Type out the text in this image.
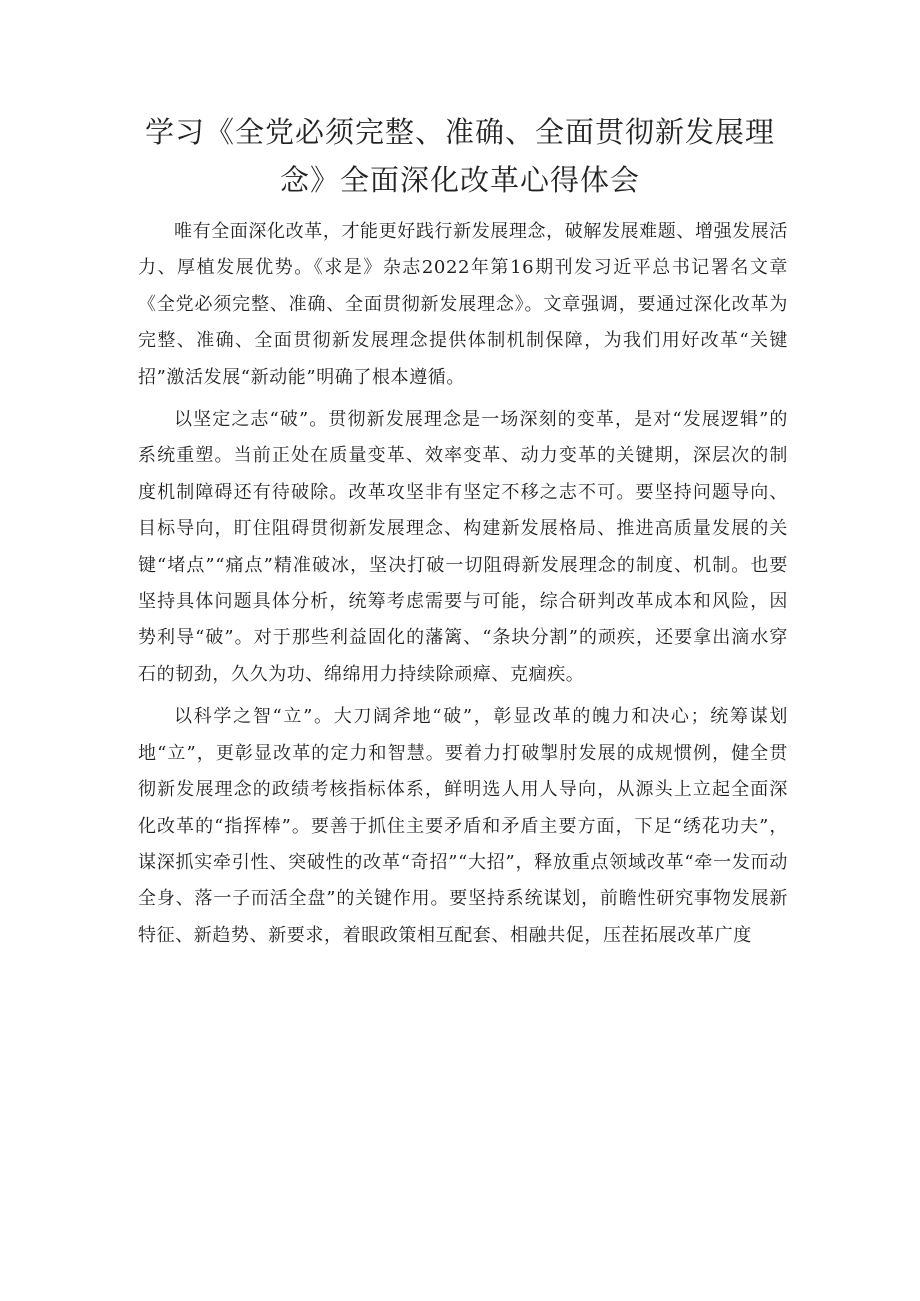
学习《全党必须完整、准确、全面贯彻新发展理
念》全面深化改革心得体会

唯有全面深化改革，才能更好践行新发展理念，破解发展难题、增强发展活力、厚植发展优势。《求是》杂志2022年第16期刊发习近平总书记署名文章《全党必须完整、准确、全面贯彻新发展理念》。文章强调，要通过深化改革为完整、准确、全面贯彻新发展理念提供体制机制保障，为我们用好改革“关键招”激活发展“新动能”明确了根本遵循。

以坚定之志“破”。贯彻新发展理念是一场深刻的变革，是对“发展逻辑”的系统重塑。当前正处在质量变革、效率变革、动力变革的关键期，深层次的制度机制障碍还有待破除。改革攻坚非有坚定不移之志不可。要坚持问题导向、目标导向，盯住阻碍贯彻新发展理念、构建新发展格局、推进高质量发展的关键“堵点”“痛点”精准破冰，坚决打破一切阻碍新发展理念的制度、机制。也要坚持具体问题具体分析，统筹考虑需要与可能，综合研判改革成本和风险，因势利导“破”。对于那些利益固化的藩篱、“条块分割”的顽疾，还要拿出滴水穿石的韧劲，久久为功、绵绵用力持续除顽瘴、克痼疾。

以科学之智“立”。大刀阔斧地“破”，彰显改革的魄力和决心；统筹谋划地“立”，更彰显改革的定力和智慧。要着力打破掣肘发展的成规惯例，健全贯彻新发展理念的政绩考核指标体系，鲜明选人用人导向，从源头上立起全面深化改革的“指挥棒”。要善于抓住主要矛盾和矛盾主要方面，下足“绣花功夫”，谋深抓实牵引性、突破性的改革“奇招”“大招”，释放重点领域改革“牵一发而动全身、落一子而活全盘”的关键作用。要坚持系统谋划，前瞻性研究事物发展新特征、新趋势、新要求，着眼政策相互配套、相融共促，压茬拓展改革广度
